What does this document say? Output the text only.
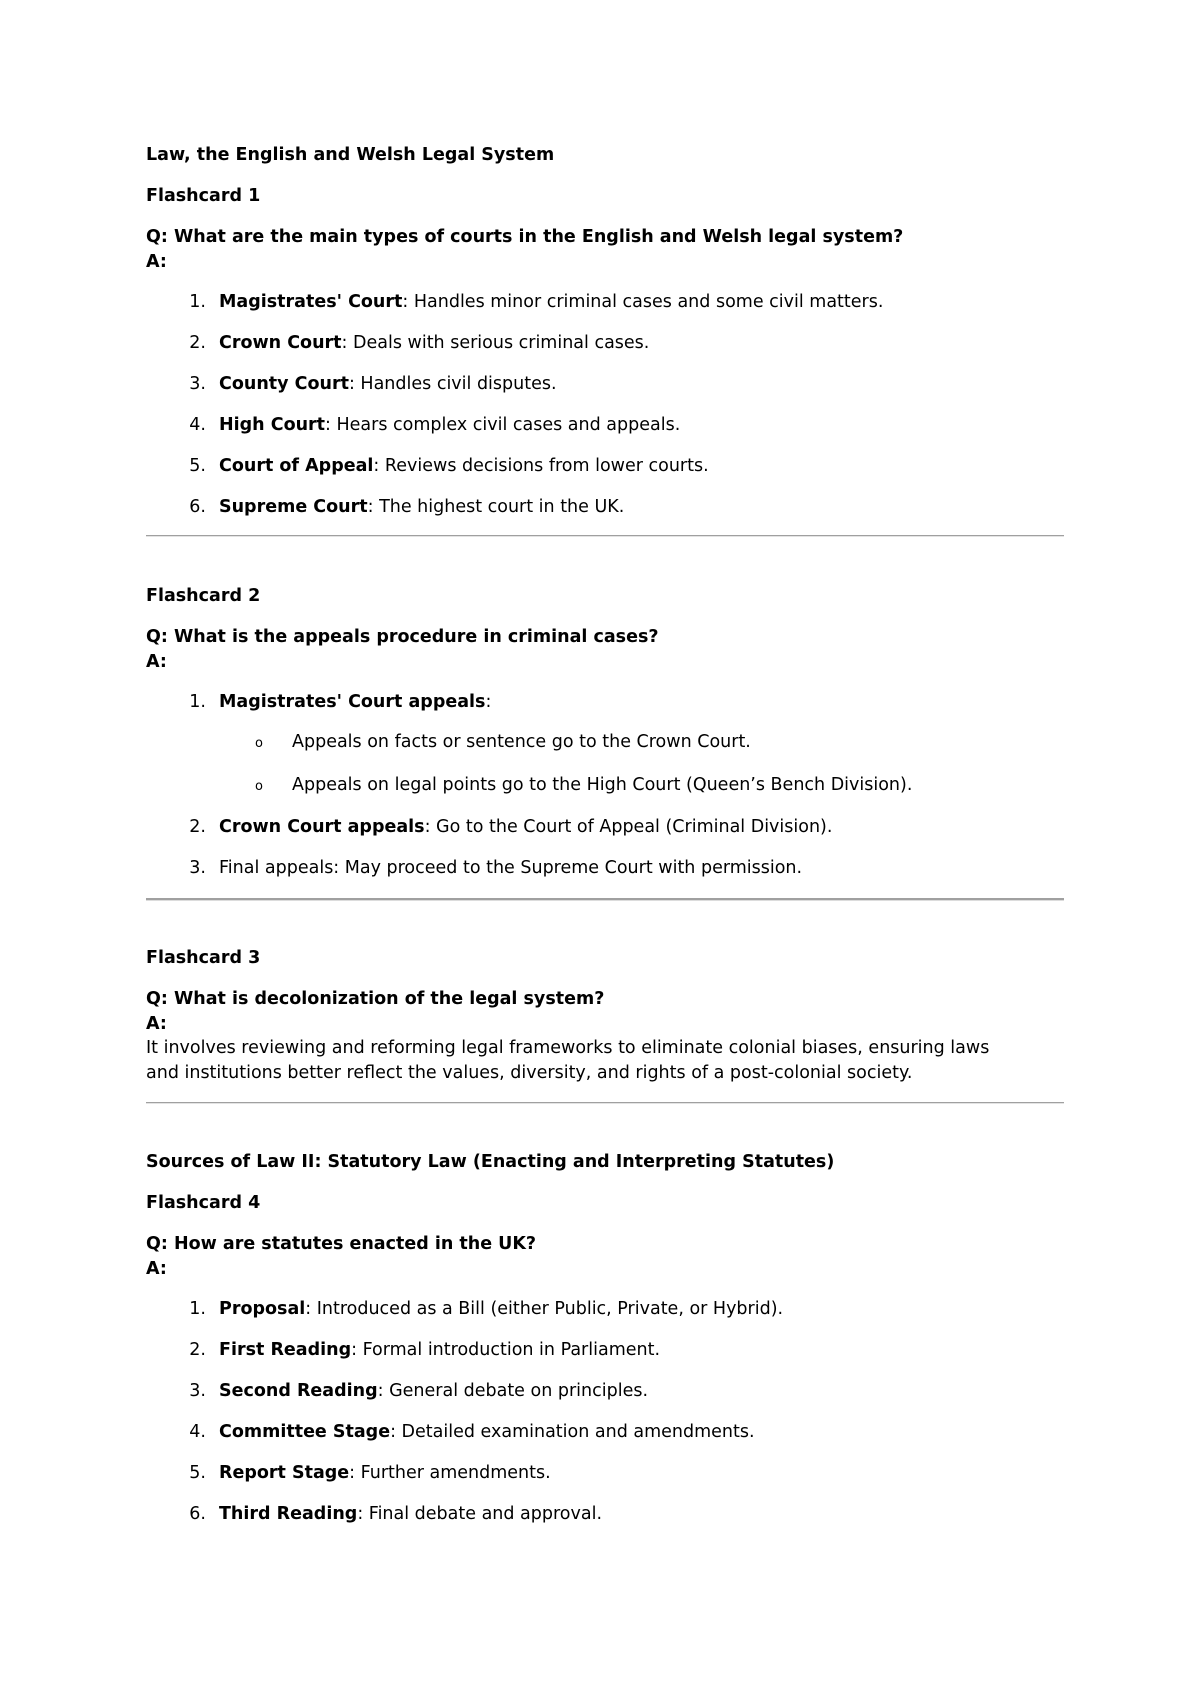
Law, the English and Welsh Legal System
Flashcard 1
Q: What are the main types of courts in the English and Welsh legal system?
A:
1. Magistrates' Court: Handles minor criminal cases and some civil matters.
2. Crown Court: Deals with serious criminal cases.
3. County Court: Handles civil disputes.
4. High Court: Hears complex civil cases and appeals.
5. Court of Appeal: Reviews decisions from lower courts.
6. Supreme Court: The highest court in the UK.
Flashcard 2
Q: What is the appeals procedure in criminal cases?
A:
1. Magistrates' Court appeals:
o Appeals on facts or sentence go to the Crown Court.
o Appeals on legal points go to the High Court (Queen’s Bench Division).
2. Crown Court appeals: Go to the Court of Appeal (Criminal Division).
3. Final appeals: May proceed to the Supreme Court with permission.
Flashcard 3
Q: What is decolonization of the legal system?
A:
It involves reviewing and reforming legal frameworks to eliminate colonial biases, ensuring laws
and institutions better reflect the values, diversity, and rights of a post-colonial society.
Sources of Law II: Statutory Law (Enacting and Interpreting Statutes)
Flashcard 4
Q: How are statutes enacted in the UK?
A:
1. Proposal: Introduced as a Bill (either Public, Private, or Hybrid).
2. First Reading: Formal introduction in Parliament.
3. Second Reading: General debate on principles.
4. Committee Stage: Detailed examination and amendments.
5. Report Stage: Further amendments.
6. Third Reading: Final debate and approval.
